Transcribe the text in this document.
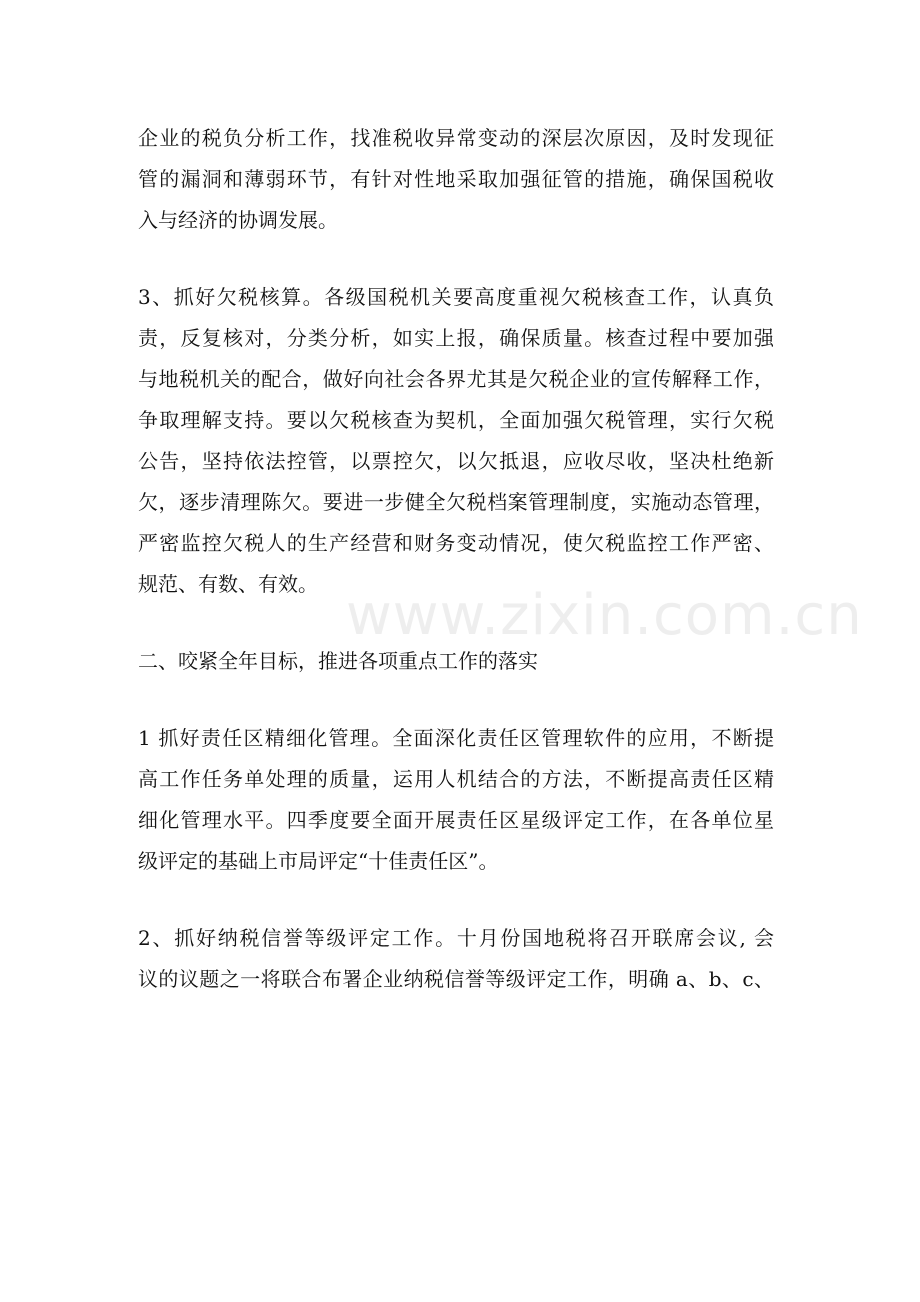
www.zixin.com.cn
企业的税负分析工作，找准税收异常变动的深层次原因，及时发现征
管的漏洞和薄弱环节，有针对性地采取加强征管的措施，确保国税收
入与经济的协调发展。
3、抓好欠税核算。各级国税机关要高度重视欠税核查工作，认真负
责，反复核对，分类分析，如实上报，确保质量。核查过程中要加强
与地税机关的配合，做好向社会各界尤其是欠税企业的宣传解释工作，
争取理解支持。要以欠税核查为契机，全面加强欠税管理，实行欠税
公告，坚持依法控管，以票控欠，以欠抵退，应收尽收，坚决杜绝新
欠，逐步清理陈欠。要进一步健全欠税档案管理制度，实施动态管理，
严密监控欠税人的生产经营和财务变动情况，使欠税监控工作严密、
规范、有数、有效。
二、咬紧全年目标，推进各项重点工作的落实
1 抓好责任区精细化管理。全面深化责任区管理软件的应用，不断提
高工作任务单处理的质量，运用人机结合的方法，不断提高责任区精
细化管理水平。四季度要全面开展责任区星级评定工作，在各单位星
级评定的基础上市局评定“十佳责任区”。
2、抓好纳税信誉等级评定工作。十月份国地税将召开联席会议, 会
议的议题之一将联合布署企业纳税信誉等级评定工作，明确 a、b、c、
